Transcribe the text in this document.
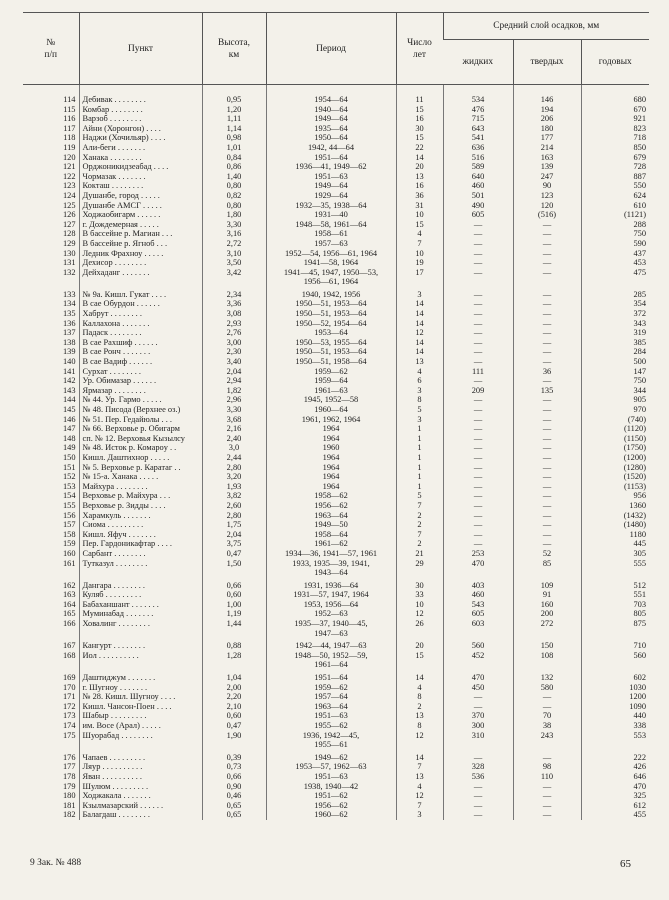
№
п/п	Пункт	Высота,
км	Период	Число
лет	Средний слой осадков, мм		
					жидких	твердых	годовых

114	Дебивак . . . . . . . .	0,95	1954—64	11	534	146	680
115	Комбар . . . . . . . .	1,20	1940—64	15	476	194	670
116	Варзоб . . . . . . . .	1,11	1949—64	16	715	206	921
117	Айни (Хоронгон) . . . .	1,14	1935—64	30	643	180	823
118	Наджи (Хочильяр) . . . .	0,98	1950—64	15	541	177	718
119	Али-беги . . . . . . .	1,01	1942, 44—64	22	636	214	850
120	Ханака . . . . . . . .	0,84	1951—64	14	516	163	679
121	Орджоникидзеабад . . . .	0,86	1936—41, 1949—62	20	589	139	728
122	Чормазак . . . . . . .	1,40	1951—63	13	640	247	887
123	Кокташ . . . . . . . .	0,80	1949—64	16	460	90	550
124	Душанбе, город . . . . .	0,82	1929—64	36	501	123	624
125	Душанбе АМСГ . . . . .	0,80	1932—35, 1938—64	31	490	120	610
126	Ходжаобигарм . . . . . .	1,80	1931—40	10	605	(516)	(1121)
127	г. Дождемерная . . . . .	3,30	1948—58, 1961—64	15	—	—	288
128	В бассейне р. Магиан . . .	3,16	1958—61	4	—	—	750
129	В бассейне р. Ягноб . . .	2,72	1957—63	7	—	—	590
130	Ледник Фрахноу . . . . .	3,10	1952—54, 1956—61, 1964	10	—	—	437
131	Дехисор . . . . . . . .	3,50	1941—58, 1964	19	—	—	453
132	Дейхаданг . . . . . . .	3,42	1941—45, 1947, 1950—53,
1956—61, 1964	17	—	—	475

133	№ 9а. Кишл. Гукат . . . .	2,34	1940, 1942, 1956	3	—	—	285
134	В сае Обурдон . . . . . .	3,36	1950—51, 1953—64	14	—	—	354
135	Хабрут . . . . . . . .	3,08	1950—51, 1953—64	14	—	—	372
136	Каллахона . . . . . . .	2,93	1950—52, 1954—64	14	—	—	343
137	Падаск . . . . . . . .	2,76	1953—64	12	—	—	319
138	В сае Рахшиф . . . . . .	3,00	1950—53, 1955—64	14	—	—	385
139	В сае Ронч . . . . . . .	2,30	1950—51, 1953—64	14	—	—	284
140	В сае Вадиф . . . . . .	3,40	1950—51, 1958—64	13	—	—	500
141	Сурхат . . . . . . . .	2,04	1959—62	4	111	36	147
142	Ур. Обимазар . . . . . .	2,94	1959—64	6	—	—	750
143	Ярмазар . . . . . . . .	1,82	1961—63	3	209	135	344
144	№ 44. Ур. Гармо . . . . .	2,96	1945, 1952—58	8	—	—	905
145	№ 48. Писода (Верхнее оз.)	3,30	1960—64	5	—	—	970
146	№ 51. Пер. Гедайюлы . . .	3,68	1961, 1962, 1964	3	—	—	(740)
147	№ 66. Верховье р. Обигарм	2,16	1964	1	—	—	(1120)
148	сп. № 12. Верховья Кызылсу	2,40	1964	1	—	—	(1150)
149	№ 48. Исток р. Комарoу . .	3,0	1960	1	—	—	(1750)
150	Кишл. Даштихнор . . . . .	2,44	1964	1	—	—	(1200)
151	№ 5. Верховье р. Каратаг . .	2,80	1964	1	—	—	(1280)
152	№ 15-а. Ханака . . . . .	3,20	1964	1	—	—	(1520)
153	Майхура . . . . . . . .	1,93	1964	1	—	—	(1153)
154	Верховье р. Майхура . . .	3,82	1958—62	5	—	—	956
155	Верховье р. Зидды . . . .	2,60	1956—62	7	—	—	1360
156	Харамкуль . . . . . . .	2,80	1963—64	2	—	—	(1432)
157	Сиома . . . . . . . . .	1,75	1949—50	2	—	—	(1480)
158	Кишл. Яфуч . . . . . . .	2,04	1958—64	7	—	—	1180
159	Пер. Гардоникафтар . . . .	3,75	1961—62	2	—	—	445
160	Сарбант . . . . . . . .	0,47	1934—36, 1941—57, 1961	21	253	52	305
161	Тутказул . . . . . . . .	1,50	1933, 1935—39, 1941,
1943—64	29	470	85	555

162	Дангара . . . . . . . .	0,66	1931, 1936—64	30	403	109	512
163	Куляб . . . . . . . . .	0,60	1931—57, 1947, 1964	33	460	91	551
164	Бабаханшант . . . . . . .	1,00	1953, 1956—64	10	543	160	703
165	Муминабад . . . . . . .	1,19	1952—63	12	605	200	805
166	Ховалинг . . . . . . . .	1,44	1935—37, 1940—45,
1947—63	26	603	272	875

167	Кангурт . . . . . . . .	0,88	1942—44, 1947—63	20	560	150	710
168	Иол . . . . . . . . . .	1,28	1948—50, 1952—59,
1961—64	15	452	108	560

169	Даштиджум . . . . . . .	1,04	1951—64	14	470	132	602
170	г. Шугноу . . . . . . .	2,00	1959—62	4	450	580	1030
171	№ 28. Кишл. Шугноу . . . .	2,20	1957—64	8	—	—	1200
172	Кишл. Чансон-Поен . . . .	2,10	1963—64	2	—	—	1090
173	Шабыр . . . . . . . . .	0,60	1951—63	13	370	70	440
174	им. Восе (Арал) . . . . .	0,47	1955—62	8	300	38	338
175	Шуорабад . . . . . . . .	1,90	1936, 1942—45,
1955—61	12	310	243	553

176	Чапаев . . . . . . . . .	0,39	1949—62	14	—	—	222
177	Ляур . . . . . . . . . .	0,73	1953—57, 1962—63	7	328	98	426
178	Яван . . . . . . . . . .	0,66	1951—63	13	536	110	646
179	Шулюм . . . . . . . . .	0,90	1938, 1940—42	4	—	—	470
180	Ходжакала . . . . . . .	0,46	1951—62	12	—	—	325
181	Кзылмазарский . . . . . .	0,65	1956—62	7	—	—	612
182	Балагдаш . . . . . . . .	0,65	1960—62	3	—	—	455
9 Зак. № 488	65
